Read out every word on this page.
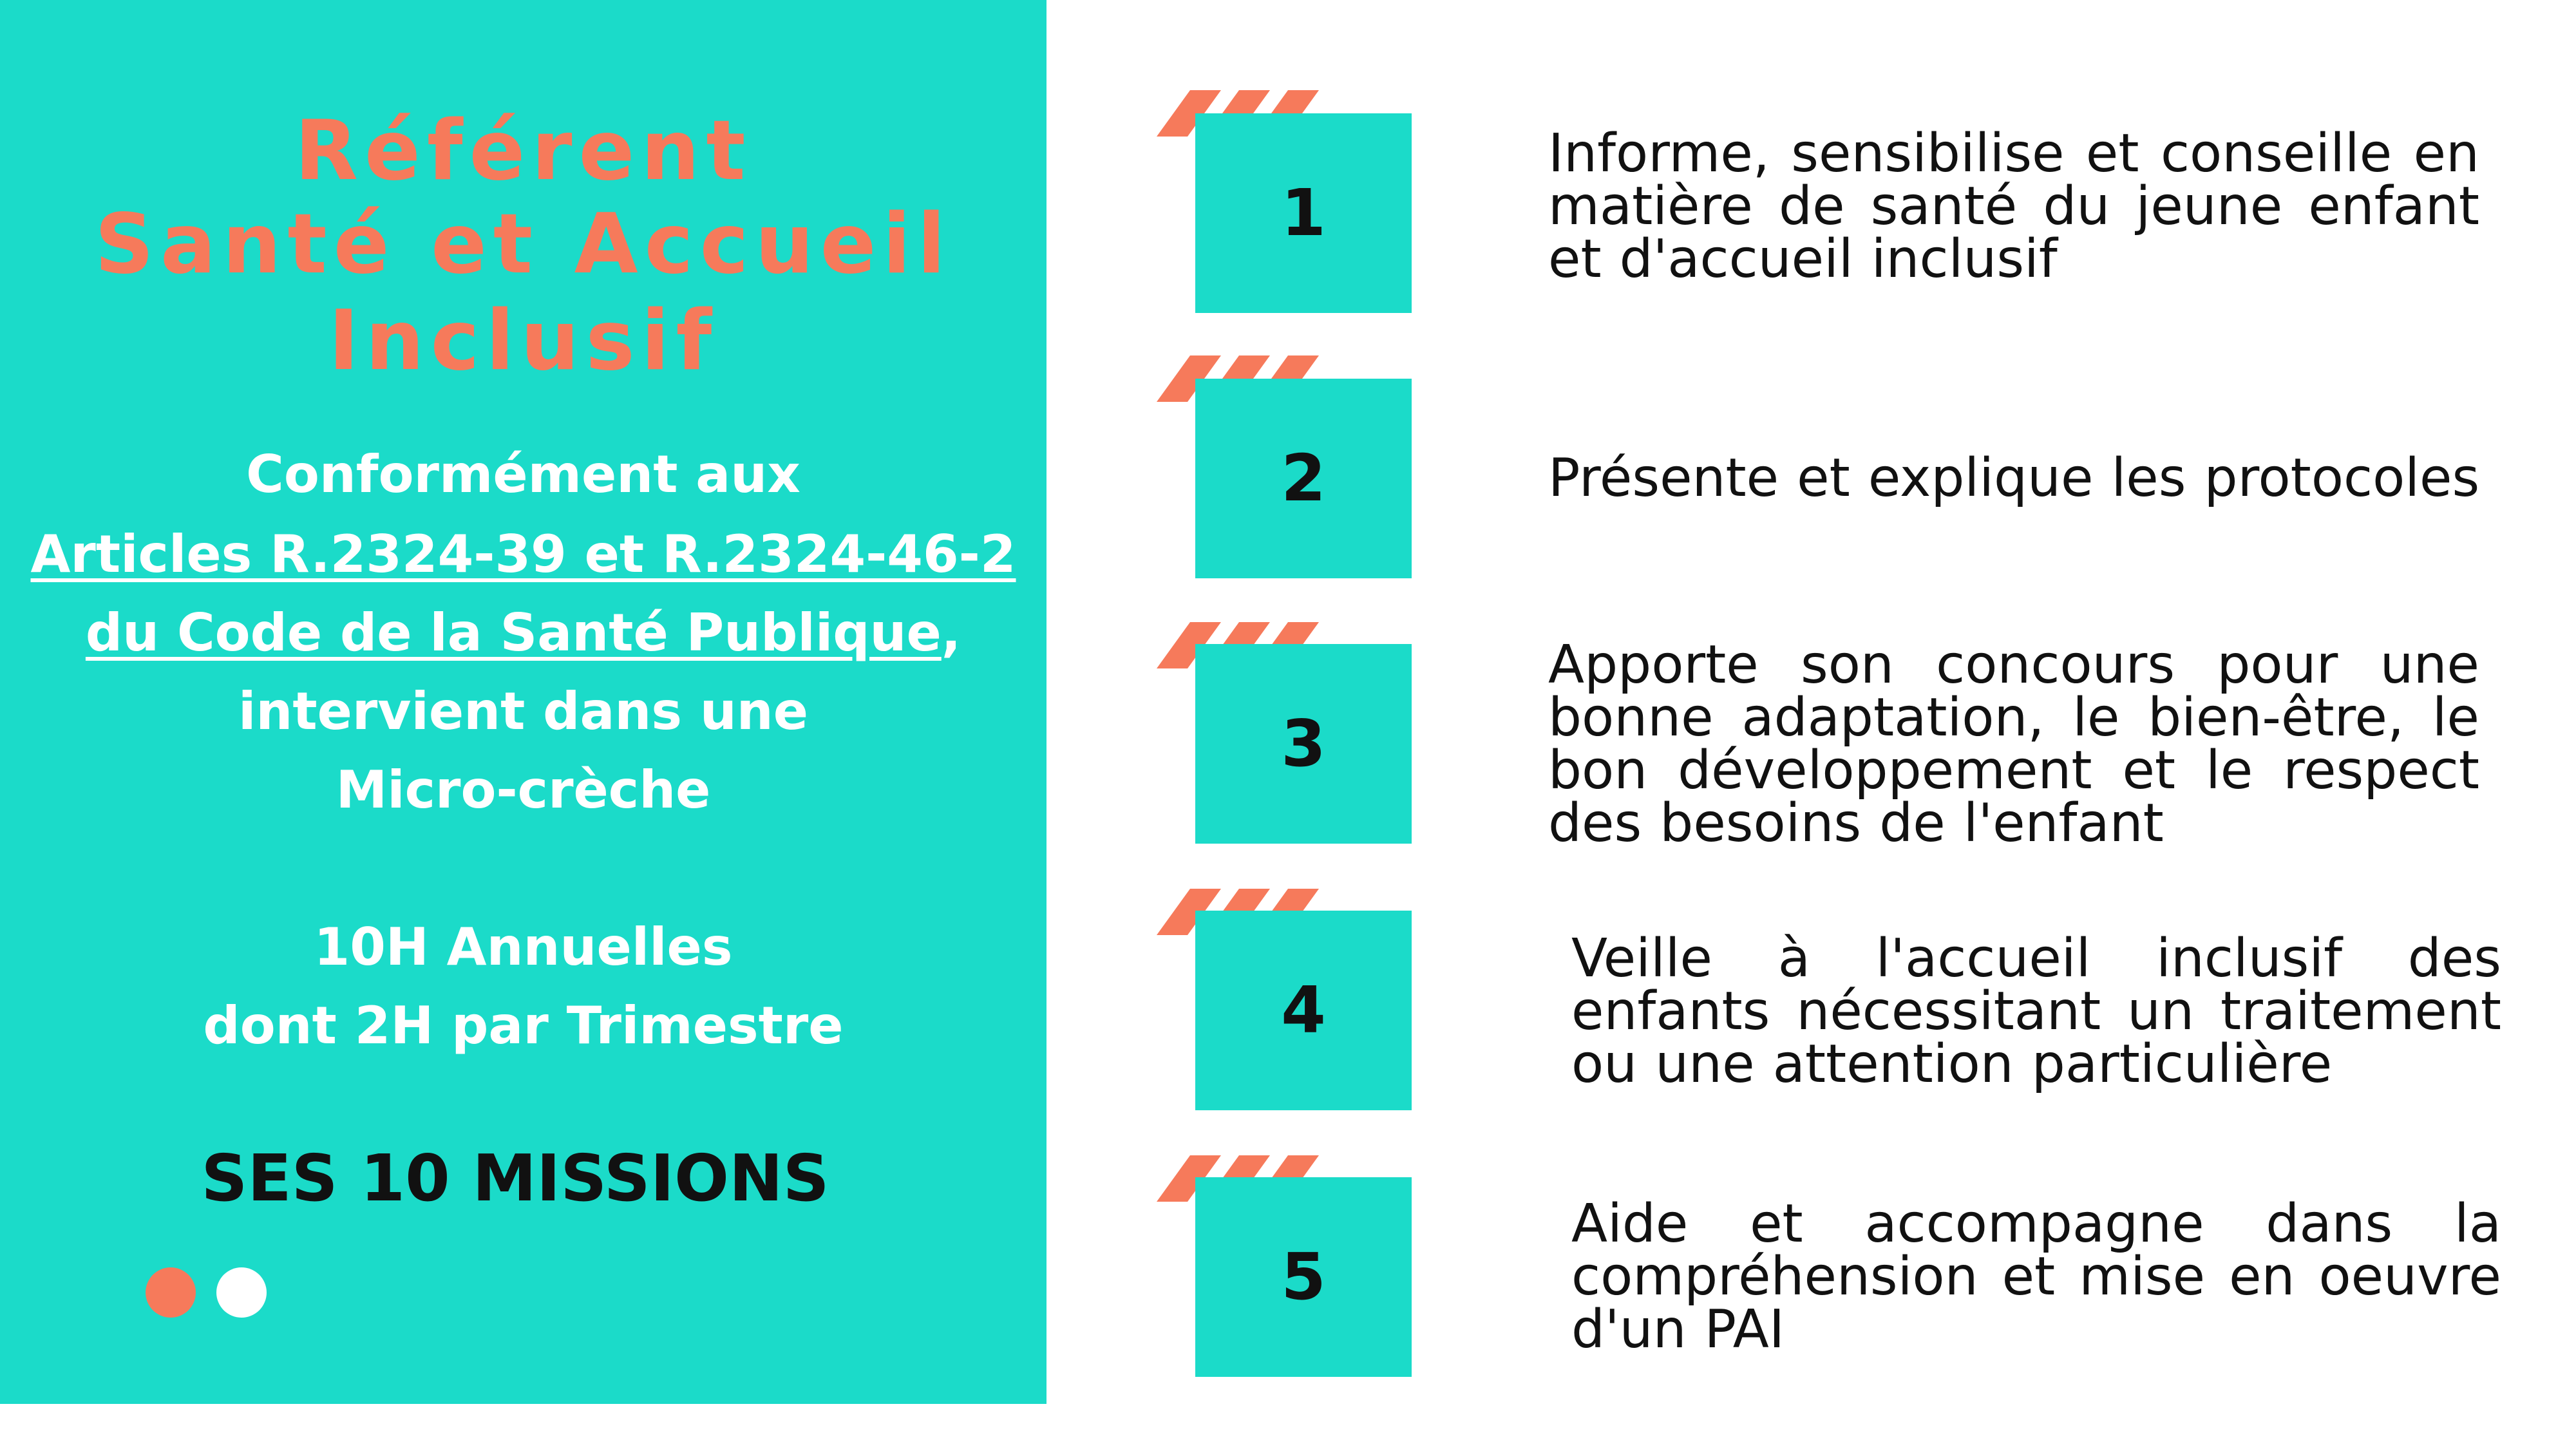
Référent
Santé et Accueil
Inclusif
Conformément aux
Articles R.2324-39 et R.2324-46-2
du Code de la Santé Publique,
intervient dans une
Micro-crèche
10H Annuelles
dont 2H par Trimestre
SES 10 MISSIONS
1
Informe, sensibilise et conseille en matière de santé du jeune enfant et d'accueil inclusif
2	Présente et explique les protocoles
3
Apporte son concours pour une bonne adaptation, le bien-être, le bon développement et le respect des besoins de l'enfant
4
Veille à l'accueil inclusif des enfants nécessitant un traitement ou une attention particulière
5
Aide et accompagne dans la compréhension et mise en oeuvre d'un PAI
